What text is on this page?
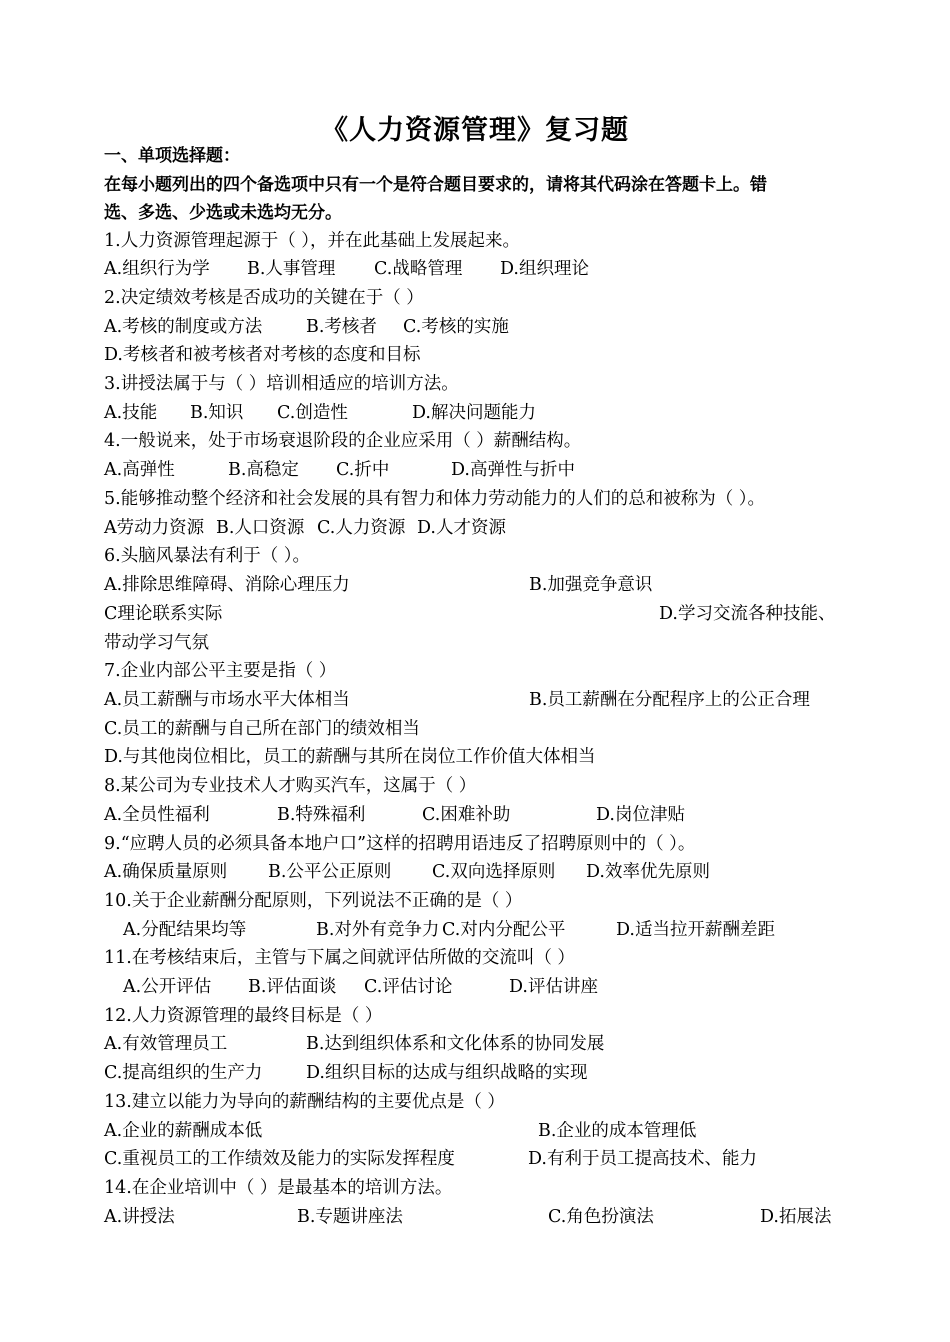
《人力资源管理》复习题
一、单项选择题：
在每小题列出的四个备选项中只有一个是符合题目要求的，请将其代码涂在答题卡上。错
选、多选、少选或未选均无分。
1.人力资源管理起源于（ ），并在此基础上发展起来。
A.组织行为学 B.人事管理 C.战略管理 D.组织理论
2.决定绩效考核是否成功的关键在于（ ）
A.考核的制度或方法	B.考核者 C.考核的实施
D.考核者和被考核者对考核的态度和目标
3.讲授法属于与（ ）培训相适应的培训方法。
A.技能 B.知识 C.创造性	D.解决问题能力
4.一般说来，处于市场衰退阶段的企业应采用（ ）薪酬结构。
A.高弹性	B.高稳定 C.折中	D.高弹性与折中
5.能够推动整个经济和社会发展的具有智力和体力劳动能力的人们的总和被称为（ ）。
A劳动力资源 B.人口资源 C.人力资源 D.人才资源
6.头脑风暴法有利于（ ）。
A.排除思维障碍、消除心理压力	B.加强竞争意识
C理论联系实际	D.学习交流各种技能、
带动学习气氛
7.企业内部公平主要是指（ ）
A.员工薪酬与市场水平大体相当	B.员工薪酬在分配程序上的公正合理
C.员工的薪酬与自己所在部门的绩效相当
D.与其他岗位相比，员工的薪酬与其所在岗位工作价值大体相当
8.某公司为专业技术人才购买汽车，这属于（ ）
A.全员性福利	B.特殊福利	C.困难补助	D.岗位津贴
9.“应聘人员的必须具备本地户口”这样的招聘用语违反了招聘原则中的（ ）。
A.确保质量原则 B.公平公正原则 C.双向选择原则 D.效率优先原则
10.关于企业薪酬分配原则，下列说法不正确的是（ ）
A.分配结果均等	B.对外有竞争力 C.对内分配公平	D.适当拉开薪酬差距
11.在考核结束后，主管与下属之间就评估所做的交流叫（ ）
A.公开评估 B.评估面谈 C.评估讨论	D.评估讲座
12.人力资源管理的最终目标是（ ）
A.有效管理员工	B.达到组织体系和文化体系的协同发展
C.提高组织的生产力 D.组织目标的达成与组织战略的实现
13.建立以能力为导向的薪酬结构的主要优点是（ ）
A.企业的薪酬成本低	B.企业的成本管理低
C.重视员工的工作绩效及能力的实际发挥程度	D.有利于员工提高技术、能力
14.在企业培训中（ ）是最基本的培训方法。
A.讲授法	B.专题讲座法	C.角色扮演法	D.拓展法
